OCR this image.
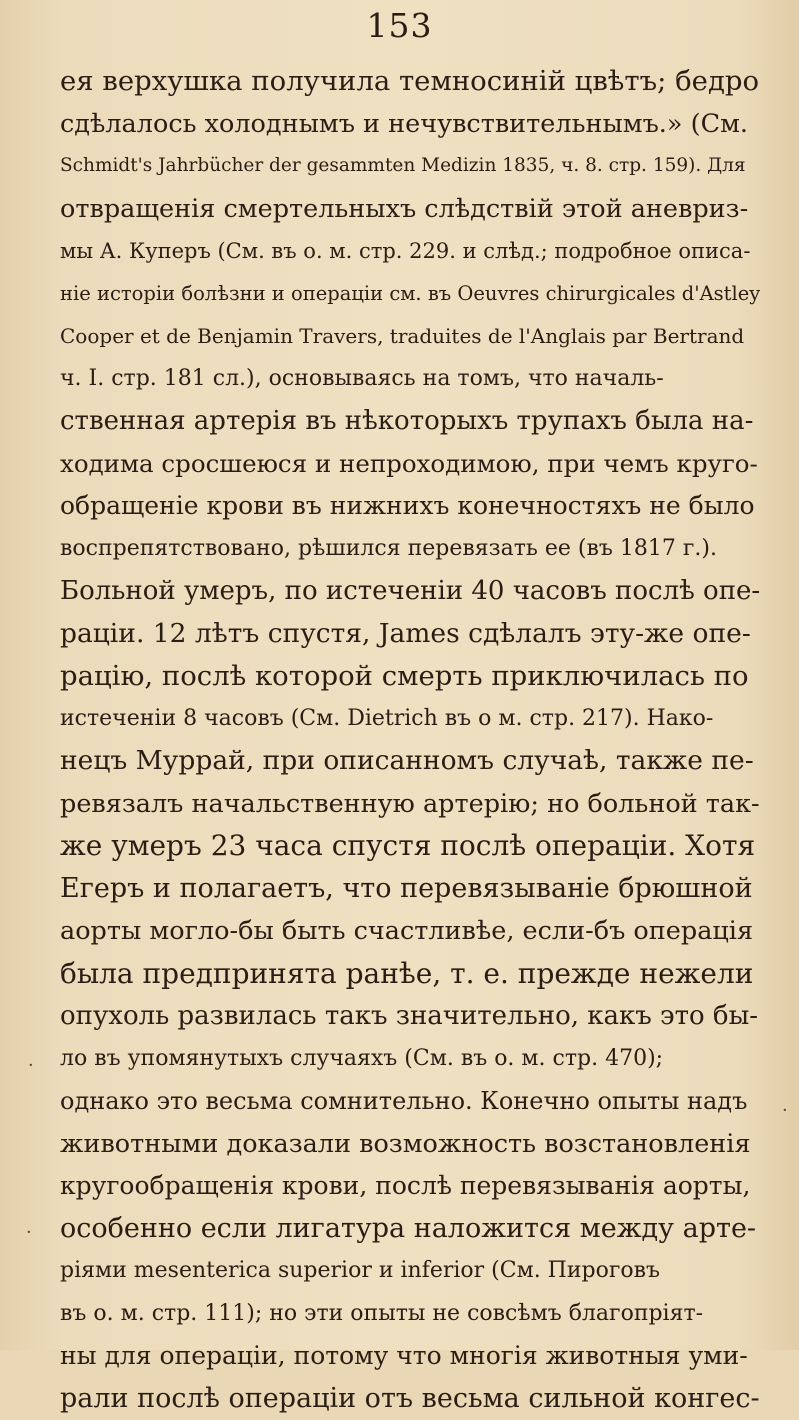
153
ея верхушка получила темносиній цвѣтъ; бедро
сдѣлалось холоднымъ и нечувствительнымъ.» (См.
Schmidt's Jahrbücher der gesammten Medizin 1835, ч. 8. стр. 159). Для
отвращенія смертельныхъ слѣдствій этой аневриз-
мы А. Куперъ (См. въ о. м. стр. 229. и слѣд.; подробное описа-
ніе исторіи болѣзни и операціи см. въ Oeuvres chirurgicales d'Astley
Cooper et de Benjamin Travers, traduites de l'Anglais par Bertrand
ч. I. стр. 181 сл.), основываясь на томъ, что началь-
ственная артерія въ нѣкоторыхъ трупахъ была на-
ходима сросшеюся и непроходимою, при чемъ круго-
обращеніе крови въ нижнихъ конечностяхъ не было
воспрепятствовано, рѣшился перевязать ее (въ 1817 г.).
Больной умеръ, по истеченіи 40 часовъ послѣ опе-
раціи. 12 лѣтъ спустя, James сдѣлалъ эту-же опе-
рацію, послѣ которой смерть приключилась по
истеченіи 8 часовъ (См. Dietrich въ о м. стр. 217). Нако-
нецъ Муррай, при описанномъ случаѣ, также пе-
ревязалъ начальственную артерію; но больной так-
же умеръ 23 часа спустя послѣ операціи. Хотя
Егеръ и полагаетъ, что перевязываніе брюшной
аорты могло-бы быть счастливѣе, если-бъ операція
была предпринята ранѣе, т. е. прежде нежели
опухоль развилась такъ значительно, какъ это бы-
ло въ упомянутыхъ случаяхъ (См. въ о. м. стр. 470);
однако это весьма сомнительно. Конечно опыты надъ
животными доказали возможность возстановленія
кругообращенія крови, послѣ перевязыванія аорты,
особенно если лигатура наложится между арте-
ріями mesenterica superior и inferior (См. Пироговъ
въ о. м. стр. 111); но эти опыты не совсѣмъ благопріят-
ны для операціи, потому что многія животныя уми-
рали послѣ операціи отъ весьма сильной конгес-
·
·
·
